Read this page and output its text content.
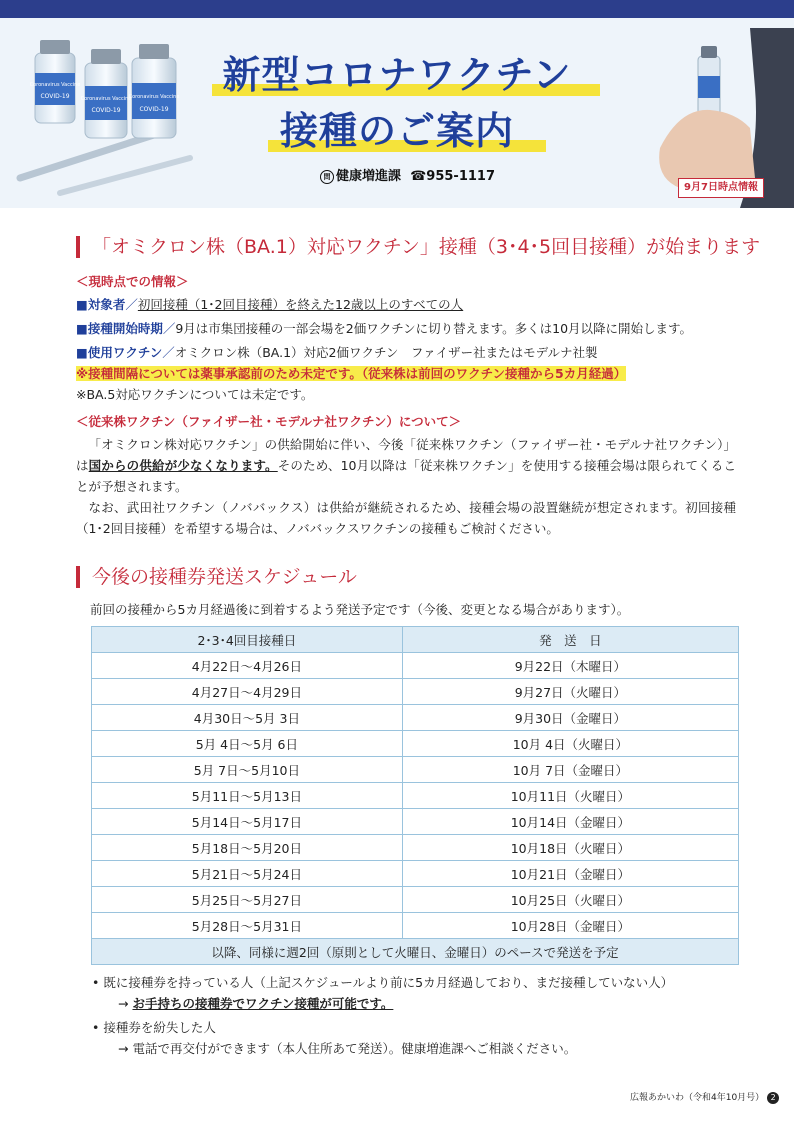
Coronavirus Vaccine
COVID-19 Coronavirus Vaccine
COVID-19
Coronavirus Vaccine
COVID-19
新型コロナワクチン
接種のご案内
問 健康増進課 ☎955-1117
9月7日時点情報
「オミクロン株（BA.1）対応ワクチン」接種（3･4･5回目接種）が始まります
＜現時点での情報＞
■対象者／初回接種（1･2回目接種）を終えた12歳以上のすべての人
■接種開始時期／9月は市集団接種の一部会場を2価ワクチンに切り替えます。多くは10月以降に開始します。
■使用ワクチン／オミクロン株（BA.1）対応2価ワクチン　ファイザー社またはモデルナ社製
※接種間隔については薬事承認前のため未定です。（従来株は前回のワクチン接種から5カ月経過）
※BA.5対応ワクチンについては未定です。
＜従来株ワクチン（ファイザー社・モデルナ社ワクチン）について＞
「オミクロン株対応ワクチン」の供給開始に伴い、今後「従来株ワクチン（ファイザー社・モデルナ社ワクチン）」は国からの供給が少なくなります。そのため、10月以降は「従来株ワクチン」を使用する接種会場は限られてくることが予想されます。
なお、武田社ワクチン（ノババックス）は供給が継続されるため、接種会場の設置継続が想定されます。初回接種（1･2回目接種）を希望する場合は、ノババックスワクチンの接種もご検討ください。
今後の接種券発送スケジュール
前回の接種から5カ月経過後に到着するよう発送予定です（今後、変更となる場合があります）。
2･3･4回目接種日	発　送　日
4月22日～4月26日	9月22日（木曜日）
4月27日～4月29日	9月27日（火曜日）
4月30日～5月 3日	9月30日（金曜日）
5月 4日～5月 6日	10月 4日（火曜日）
5月 7日～5月10日	10月 7日（金曜日）
5月11日～5月13日	10月11日（火曜日）
5月14日～5月17日	10月14日（金曜日）
5月18日～5月20日	10月18日（火曜日）
5月21日～5月24日	10月21日（金曜日）
5月25日～5月27日	10月25日（火曜日）
5月28日～5月31日	10月28日（金曜日）
以降、同様に週2回（原則として火曜日、金曜日）のペースで発送を予定	
• 既に接種券を持っている人（上記スケジュールより前に5カ月経過しており、まだ接種していない人）
→ お手持ちの接種券でワクチン接種が可能です。
• 接種券を紛失した人
→ 電話で再交付ができます（本人住所あて発送）。健康増進課へご相談ください。
広報あかいわ（令和4年10月号） 2
